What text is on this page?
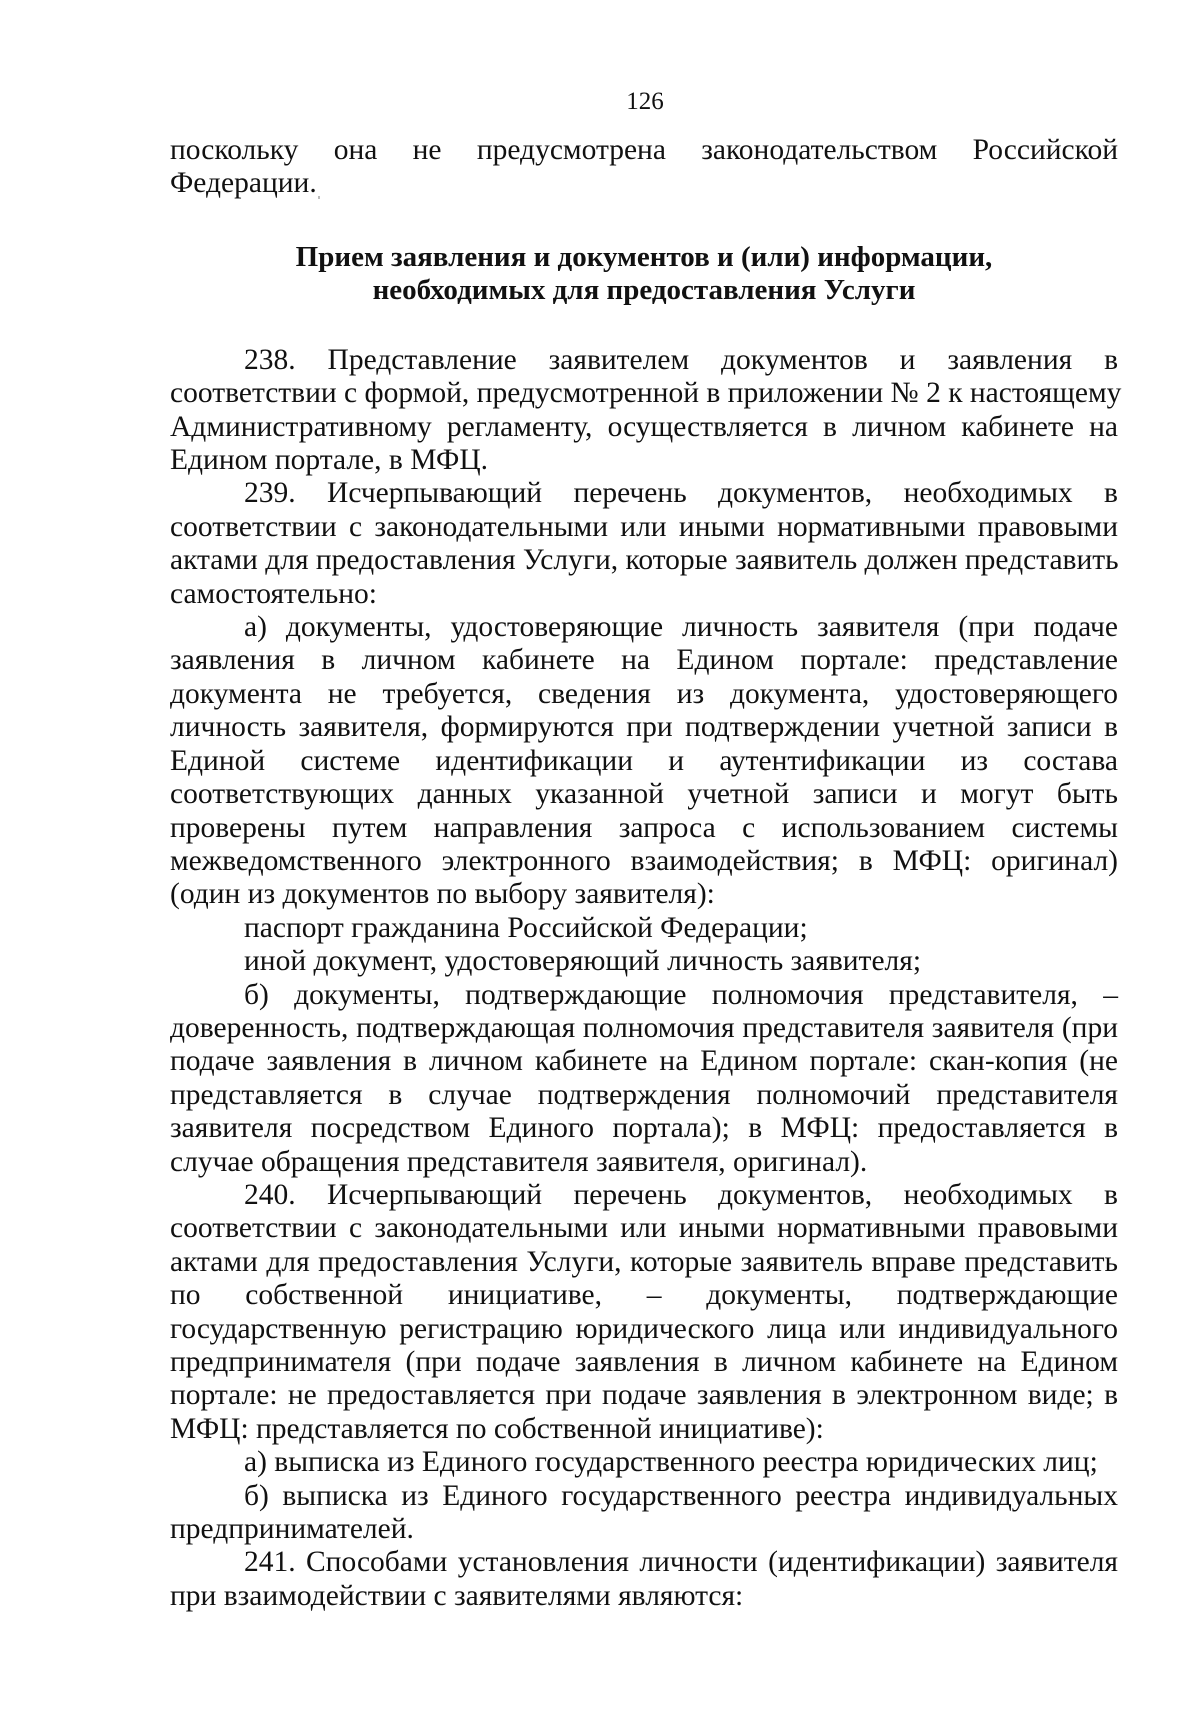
126

поскольку она не предусмотрена законодательством Российской
Федерации.

Прием заявления и документов и (или) информации,
необходимых для предоставления Услуги

238. Представление заявителем документов и заявления в
соответствии с формой, предусмотренной в приложении № 2 к настоящему
Административному регламенту, осуществляется в личном кабинете на
Едином портале, в МФЦ.

239. Исчерпывающий перечень документов, необходимых в
соответствии с законодательными или иными нормативными правовыми
актами для предоставления Услуги, которые заявитель должен представить
самостоятельно:

а) документы, удостоверяющие личность заявителя (при подаче
заявления в личном кабинете на Едином портале: представление
документа не требуется, сведения из документа, удостоверяющего
личность заявителя, формируются при подтверждении учетной записи в
Единой системе идентификации и аутентификации из состава
соответствующих данных указанной учетной записи и могут быть
проверены путем направления запроса с использованием системы
межведомственного электронного взаимодействия; в МФЦ: оригинал)
(один из документов по выбору заявителя):

паспорт гражданина Российской Федерации;

иной документ, удостоверяющий личность заявителя;

б) документы, подтверждающие полномочия представителя, –
доверенность, подтверждающая полномочия представителя заявителя (при
подаче заявления в личном кабинете на Едином портале: скан-копия (не
представляется в случае подтверждения полномочий представителя
заявителя посредством Единого портала); в МФЦ: предоставляется в
случае обращения представителя заявителя, оригинал).

240. Исчерпывающий перечень документов, необходимых в
соответствии с законодательными или иными нормативными правовыми
актами для предоставления Услуги, которые заявитель вправе представить
по собственной инициативе, – документы, подтверждающие
государственную регистрацию юридического лица или индивидуального
предпринимателя (при подаче заявления в личном кабинете на Едином
портале: не предоставляется при подаче заявления в электронном виде; в
МФЦ: представляется по собственной инициативе):

а) выписка из Единого государственного реестра юридических лиц;

б) выписка из Единого государственного реестра индивидуальных
предпринимателей.

241. Способами установления личности (идентификации) заявителя
при взаимодействии с заявителями являются:
